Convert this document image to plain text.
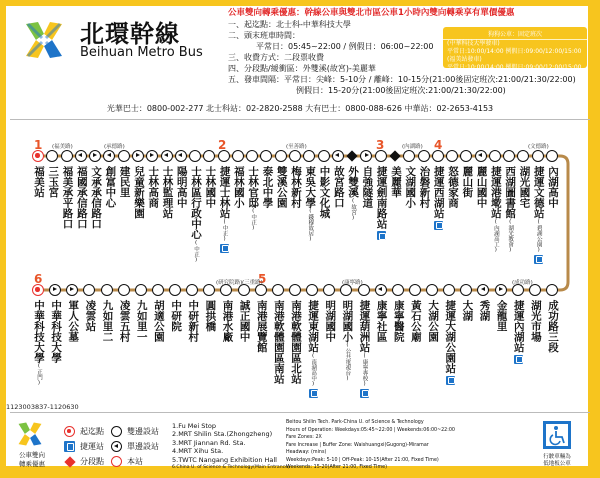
北環幹線
Beihuan Metro Bus
公車雙向轉乘優惠：幹線公車與雙北市區公車1小時內雙向轉乘享有單價優惠
一、起迄點：北士科-中華科技大學
二、頭末班車時間：
平常日：05:45~22:00 / 例假日：06:00~22:00
三、收費方式：二段票收費
四、分段點/緩衝區：外雙溪(故宮)-美麗華
五、發車間隔：平常日：尖峰：5-10分 / 離峰：10-15分(21:00後固定班次:21:00/21:30/22:00)
例假日：15-20分(21:00後固定班次:21:00/21:30/22:00)
狗狗公車：固定班次
(中華科技大學發車)
平常日:10:00/14:00 例假日:09:00/12:00/15:00
(福美站發車)
平常日:10:00/14:00 例假日:09:00/12:00/15:00
光華巴士：0800-002-277 北士科站：02-2820-2588 大有巴士：0800-088-626 中華站：02-2653-4153
福美站 三玉宮 福美承平路口 福國承信路口 文承承信路口 創富中心 建民里 兒童新樂園 士林高商 士林監理站 陽明高中 士林區行政中心(中正)
士林國中 捷運士林站(中正)
福林國小 士林官邸(中正)
泰北中學 雙溪公園 梅林新村 東吳大學(錢穆故居)
中影文化城 故宮路口 外雙溪(故宮)
自強隧道 捷運劍南路站 美麗華 文湖國小 治磐新村 捷運西湖站 怒德家商 麗山街 麗山國中 捷運港墘站(內湖高工)
西湖圖書館(湖光教會)
湖光國宅 捷運文德站(碧湖公園)
內湖高中
中華科技大學(正門)
中華科技大學 軍人公墓 凌雲站 九如里二 凌雲五村 九如里一 胡適公園 中研院 中研新村 圓拱橋 南港水廠 誠正國中 南港展覽館 南港軟體園區南站 南港軟體園區北站 捷運東湖站(南湖高中)
明湖國中 明湖國小(公共電視台)
捷運葫洲站(康寧專校)
康寧社區 康寧醫院 黃石公廟 大湖公園 捷運大湖公園站 大湖 秀湖 金龍里 捷運內湖站 湖光市場 成功路三段
1	2	3	4
5
6
(福美路)	(承德路)	(至善路)	(內湖路)	(文德路)
(成功路)
(康寧路)
(三重路)
(研究院路)
1123003837-1120630
公車雙向
轉乘優惠
起迄點
捷運站
分段點
雙邊設站
單邊設站
本站
1.Fu Mei Stop
2.MRT Shilin Sta.(Zhongzheng)
3.MRT Jiannan Rd. Sta.
4.MRT Xihu Sta.
5.TWTC Nangang Exhibition Hall
6.China U. of Science & Technology(Main Entrance)
Beitou Shilin Tech. Park-China U. of Science & Technology
Hours of Operation: Weekdays:05:45~22:00 | Weekends:06:00~22:00
Fare Zones: 2X
Fare Increase | Buffer Zone: Waishuangxi(Gugong)-Miramar
Headway: (mins)
Weekdays:Peak: 5-10 | Off-Peak: 10-15(After 21:00, Fixed Time)
Weekends: 15-20(After 21:00, Fixed Time)
行駛車輛為
低地板公車
